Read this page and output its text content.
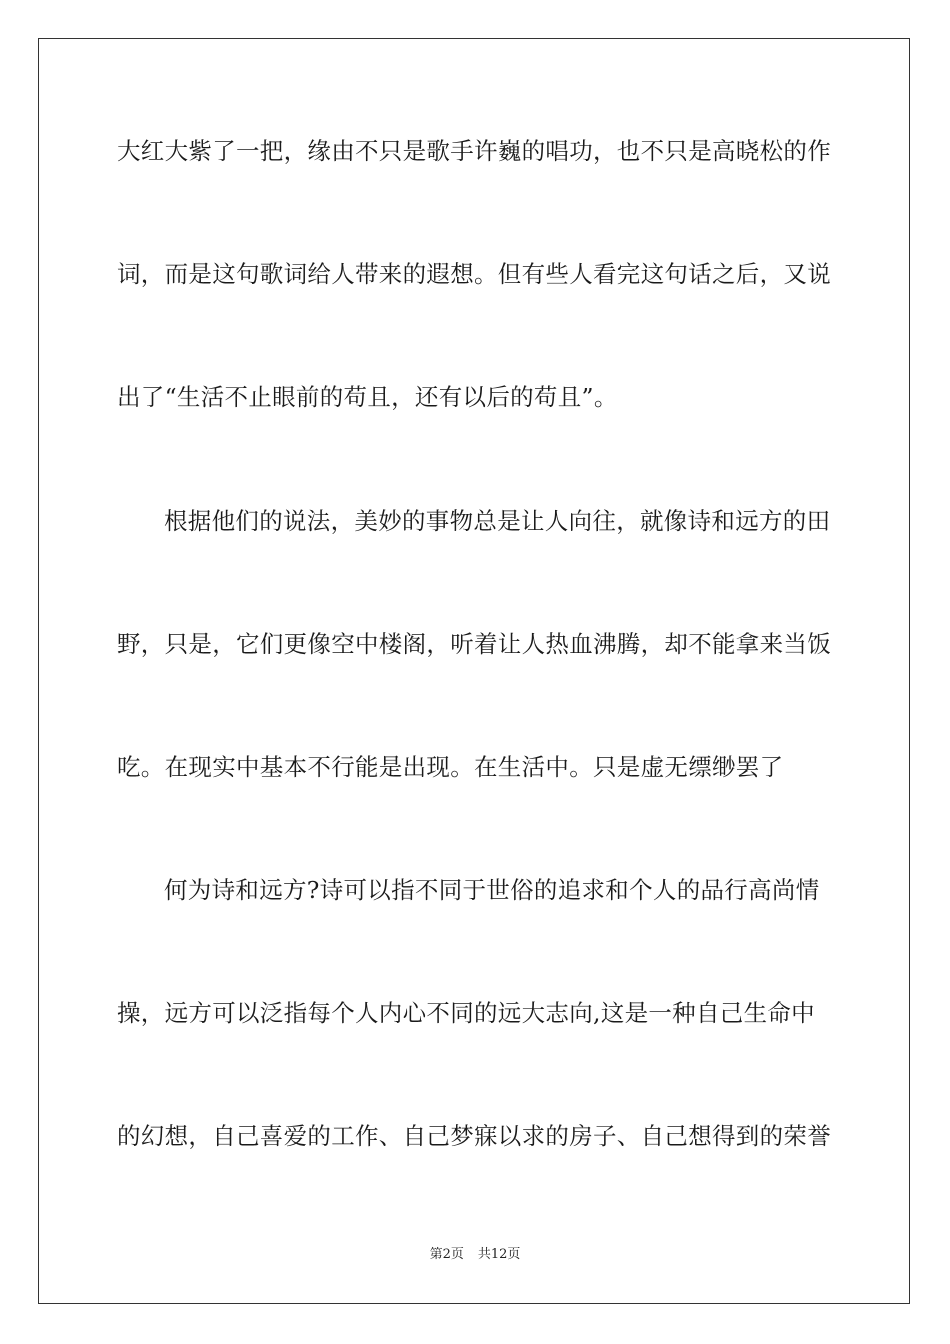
大红大紫了一把，缘由不只是歌手许巍的唱功，也不只是高晓松的作
词，而是这句歌词给人带来的遐想。但有些人看完这句话之后，又说
出了“生活不止眼前的苟且，还有以后的苟且”。
根据他们的说法，美妙的事物总是让人向往，就像诗和远方的田
野，只是，它们更像空中楼阁，听着让人热血沸腾，却不能拿来当饭
吃。在现实中基本不行能是出现。在生活中。只是虚无缥缈罢了
何为诗和远方?诗可以指不同于世俗的追求和个人的品行高尚情
操，远方可以泛指每个人内心不同的远大志向,这是一种自己生命中
的幻想，自己喜爱的工作、自己梦寐以求的房子、自己想得到的荣誉
第2页 共12页
